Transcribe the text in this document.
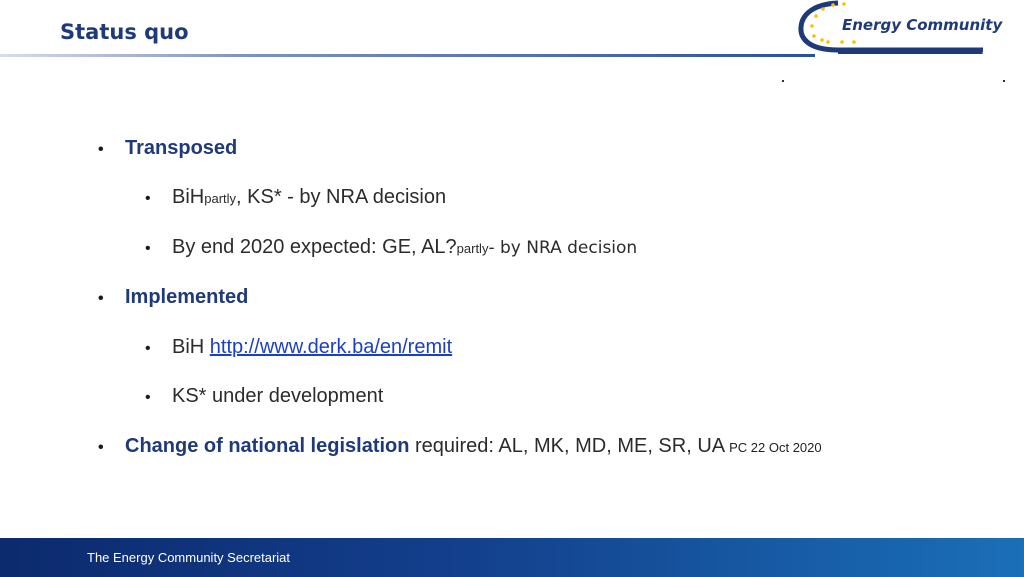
Status quo	Energy Community
•	Transposed
•	BiH partly , KS* - by NRA decision
•	By end 2020 expected: GE, AL? partly - by NRA decision
•	Implemented
•	BiH http://www.derk.ba/en/remit
•	KS* under development
•	Change of national legislation required: AL, MK, MD, ME, SR, UA PC 22 Oct 2020
The Energy Community Secretariat
